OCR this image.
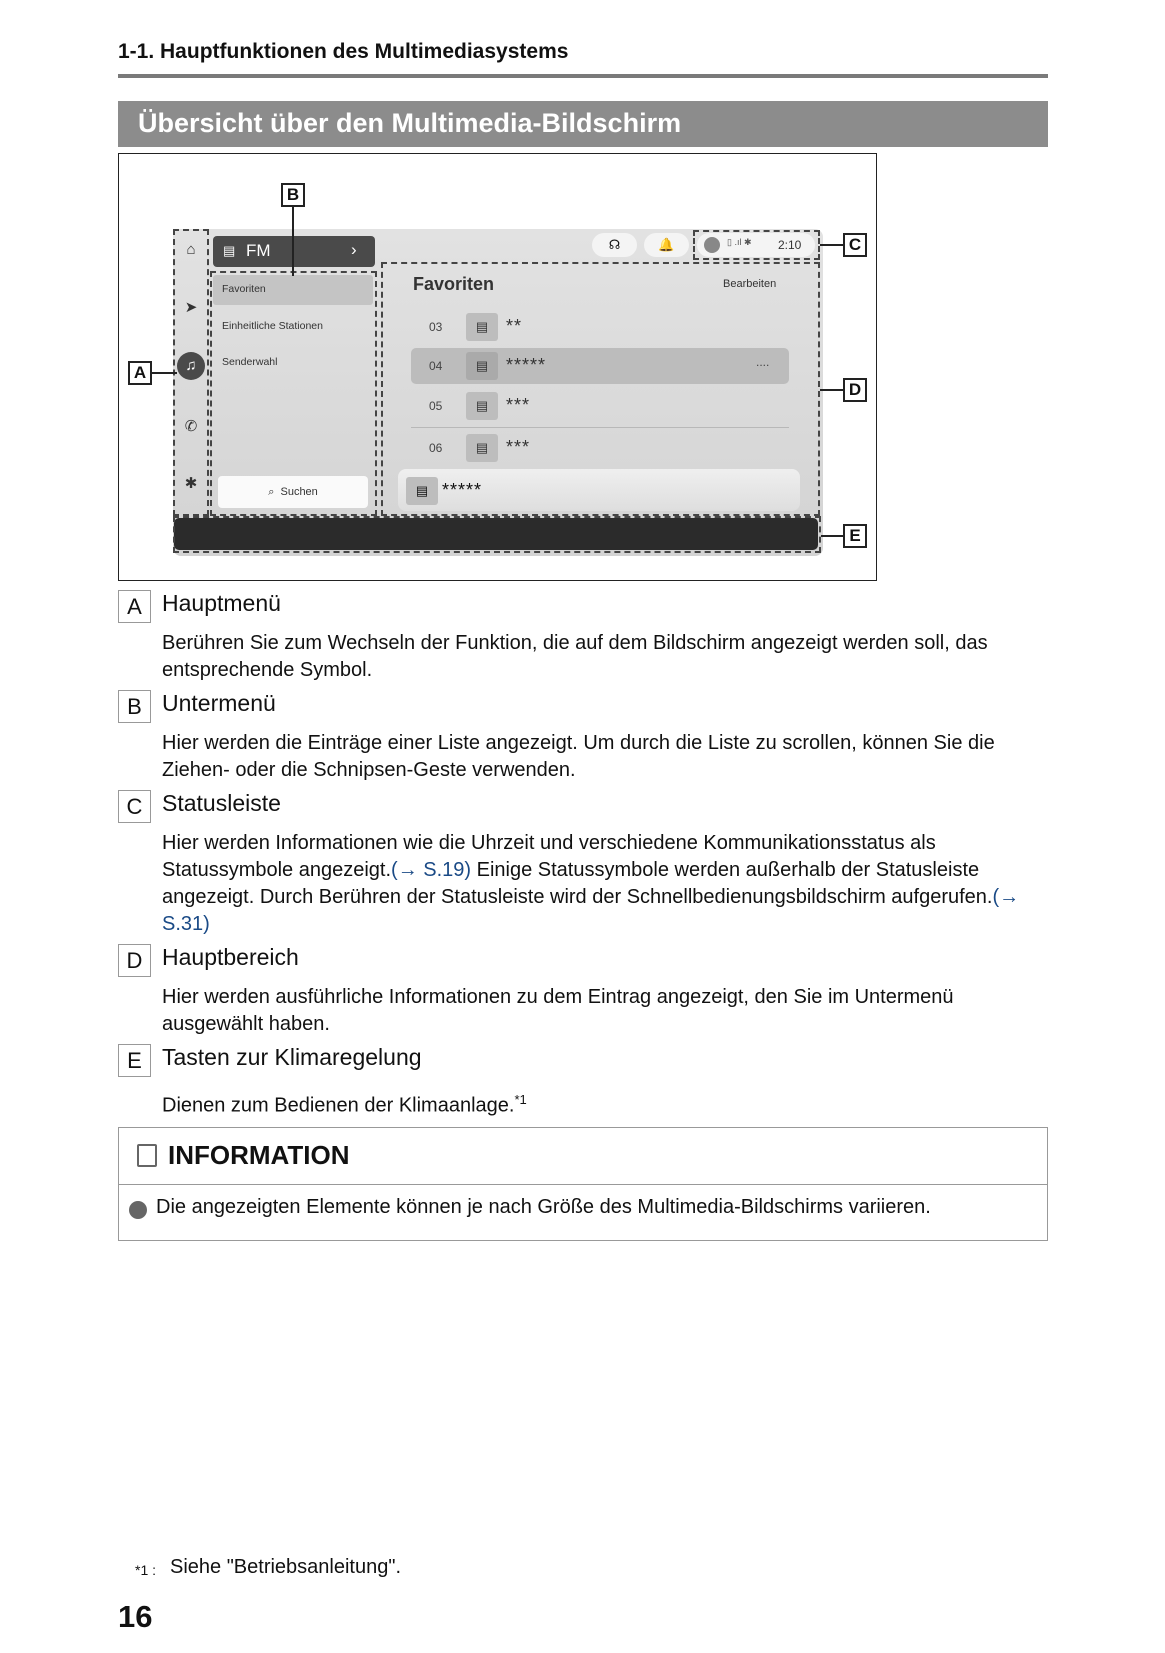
1-1. Hauptfunktionen des Multimediasystems
Übersicht über den Multimedia-Bildschirm
⌂
➤
♫
✆
✱
▤ FM	›
Favoriten
Einheitliche Stationen
Senderwahl
⌕ Suchen
Favoriten	Bearbeiten
03	▤ **
04	▤ *****	....
05	▤ ***
06	▤ ***
▤ *****
☊	🔔	▯ .ıl ✱ 2:10
B
A
C
D
E
A Hauptmenü
Berühren Sie zum Wechseln der Funktion, die auf dem Bildschirm angezeigt werden soll, das entsprechende Symbol.
B Untermenü
Hier werden die Einträge einer Liste angezeigt. Um durch die Liste zu scrollen, können Sie die Ziehen- oder die Schnipsen-Geste verwenden.
C Statusleiste
Hier werden Informationen wie die Uhrzeit und verschiedene Kommunikationsstatus als Statussymbole angezeigt.(→ S.19) Einige Statussymbole werden außerhalb der Statusleiste angezeigt. Durch Berühren der Statusleiste wird der Schnellbedienungsbildschirm aufgerufen.(→ S.31)
D Hauptbereich
Hier werden ausführliche Informationen zu dem Eintrag angezeigt, den Sie im Untermenü ausgewählt haben.
E Tasten zur Klimaregelung
Dienen zum Bedienen der Klimaanlage.$^{*1}$
INFORMATION
Die angezeigten Elemente können je nach Größe des Multimedia-Bildschirms variieren.
*1 : Siehe "Betriebsanleitung".
16
